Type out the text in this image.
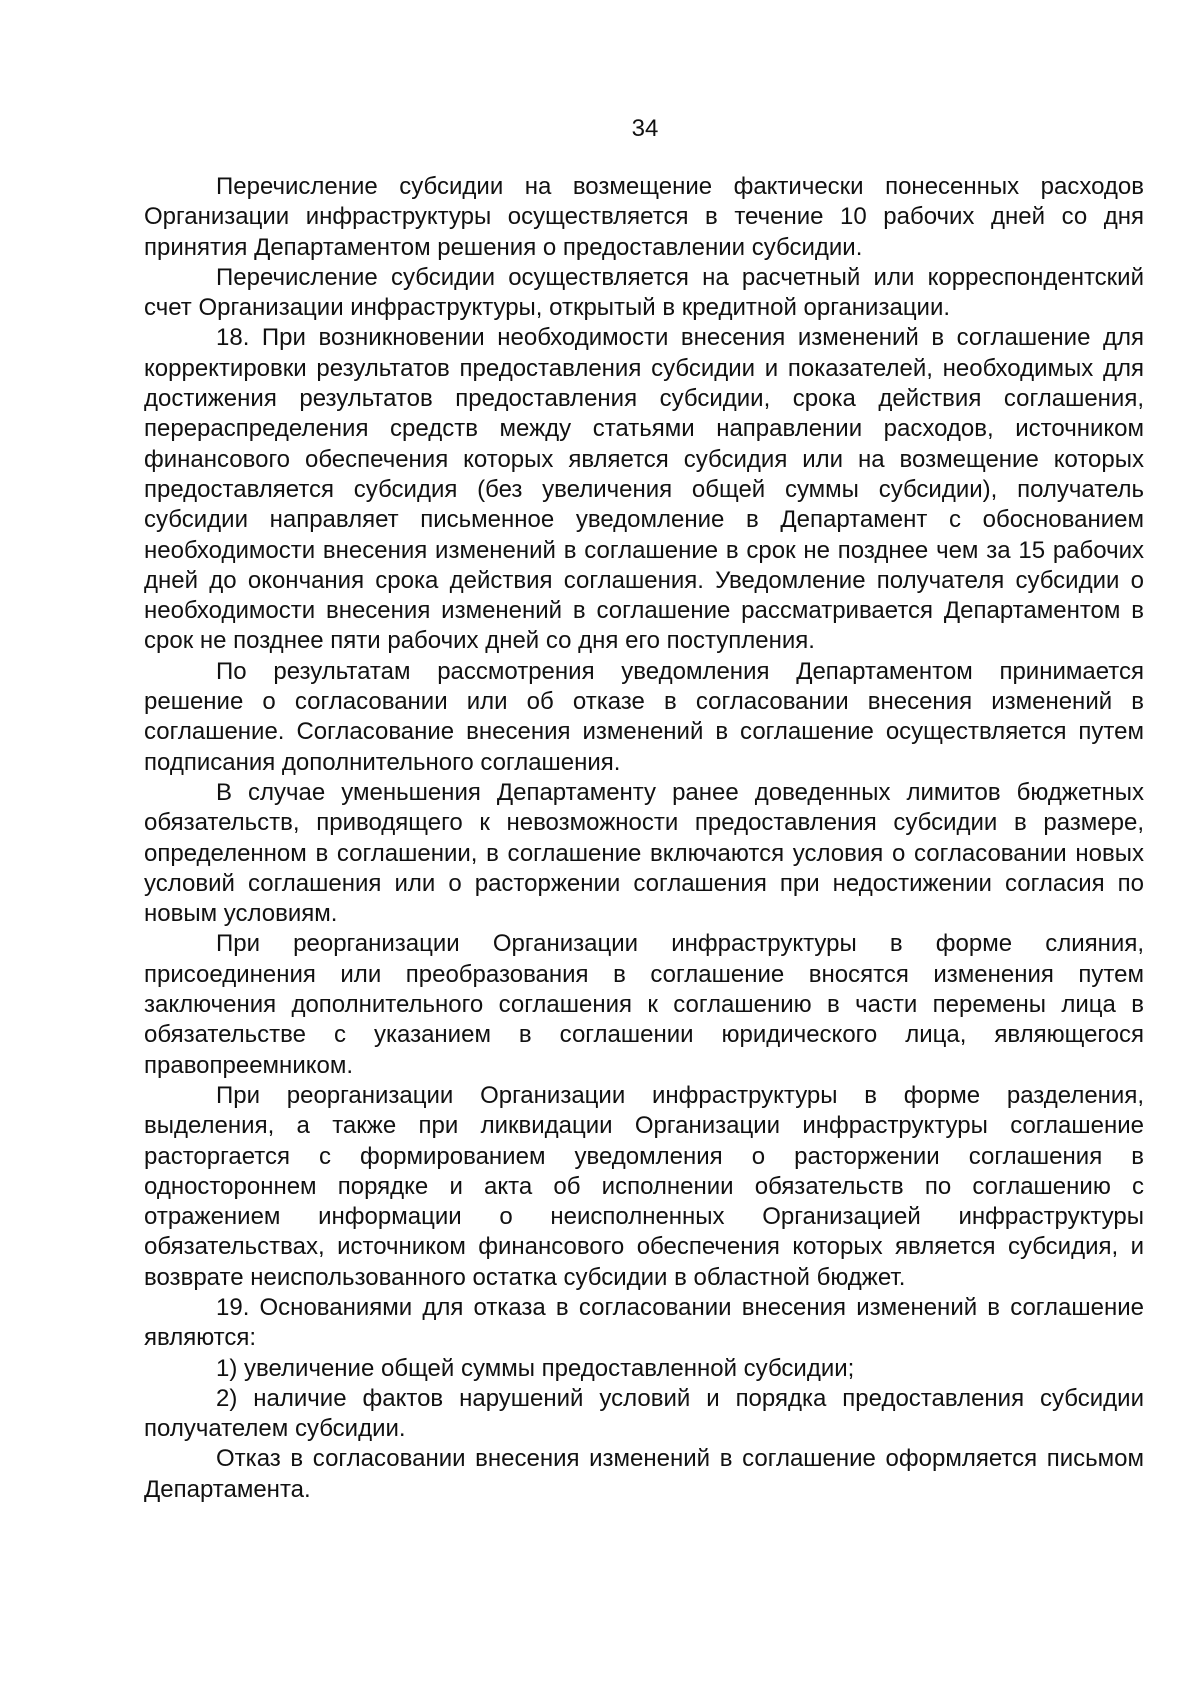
34

Перечисление субсидии на возмещение фактически понесенных расходов Организации инфраструктуры осуществляется в течение 10 рабочих дней со дня принятия Департаментом решения о предоставлении субсидии.

Перечисление субсидии осуществляется на расчетный или корреспондентский счет Организации инфраструктуры, открытый в кредитной организации.

18. При возникновении необходимости внесения изменений в соглашение для корректировки результатов предоставления субсидии и показателей, необходимых для достижения результатов предоставления субсидии, срока действия соглашения, перераспределения средств между статьями направлении расходов, источником финансового обеспечения которых является субсидия или на возмещение которых предоставляется субсидия (без увеличения общей суммы субсидии), получатель субсидии направляет письменное уведомление в Департамент с обоснованием необходимости внесения изменений в соглашение в срок не позднее чем за 15 рабочих дней до окончания срока действия соглашения. Уведомление получателя субсидии о необходимости внесения изменений в соглашение рассматривается Департаментом в срок не позднее пяти рабочих дней со дня его поступления.

По результатам рассмотрения уведомления Департаментом принимается решение о согласовании или об отказе в согласовании внесения изменений в соглашение. Согласование внесения изменений в соглашение осуществляется путем подписания дополнительного соглашения.

В случае уменьшения Департаменту ранее доведенных лимитов бюджетных обязательств, приводящего к невозможности предоставления субсидии в размере, определенном в соглашении, в соглашение включаются условия о согласовании новых условий соглашения или о расторжении соглашения при недостижении согласия по новым условиям.

При реорганизации Организации инфраструктуры в форме слияния, присоединения или преобразования в соглашение вносятся изменения путем заключения дополнительного соглашения к соглашению в части перемены лица в обязательстве с указанием в соглашении юридического лица, являющегося правопреемником.

При реорганизации Организации инфраструктуры в форме разделения, выделения, а также при ликвидации Организации инфраструктуры соглашение расторгается с формированием уведомления о расторжении соглашения в одностороннем порядке и акта об исполнении обязательств по соглашению с отражением информации о неисполненных Организацией инфраструктуры обязательствах, источником финансового обеспечения которых является субсидия, и возврате неиспользованного остатка субсидии в областной бюджет.

19. Основаниями для отказа в согласовании внесения изменений в соглашение являются:

1) увеличение общей суммы предоставленной субсидии;

2) наличие фактов нарушений условий и порядка предоставления субсидии получателем субсидии.

Отказ в согласовании внесения изменений в соглашение оформляется письмом Департамента.
